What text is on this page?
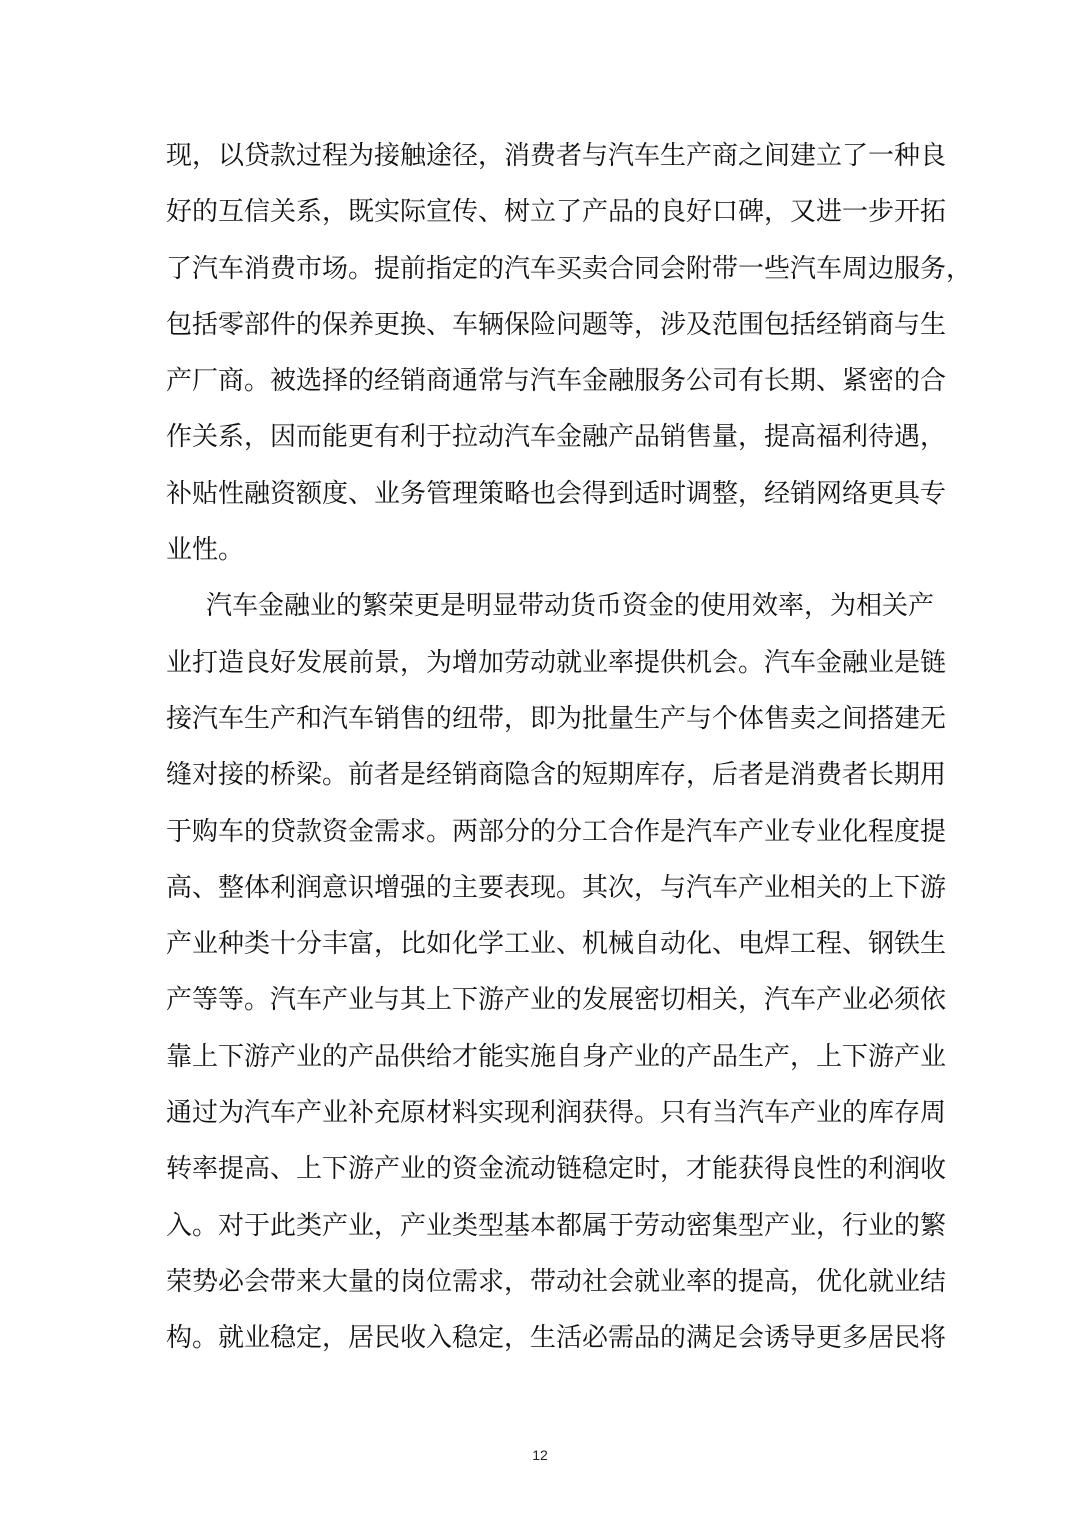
现，以贷款过程为接触途径，消费者与汽车生产商之间建立了一种良
好的互信关系，既实际宣传、树立了产品的良好口碑，又进一步开拓
了汽车消费市场。提前指定的汽车买卖合同会附带一些汽车周边服务，
包括零部件的保养更换、车辆保险问题等，涉及范围包括经销商与生
产厂商。被选择的经销商通常与汽车金融服务公司有长期、紧密的合
作关系，因而能更有利于拉动汽车金融产品销售量，提高福利待遇，
补贴性融资额度、业务管理策略也会得到适时调整，经销网络更具专
业性。
汽车金融业的繁荣更是明显带动货币资金的使用效率，为相关产
业打造良好发展前景，为增加劳动就业率提供机会。汽车金融业是链
接汽车生产和汽车销售的纽带，即为批量生产与个体售卖之间搭建无
缝对接的桥梁。前者是经销商隐含的短期库存，后者是消费者长期用
于购车的贷款资金需求。两部分的分工合作是汽车产业专业化程度提
高、整体利润意识增强的主要表现。其次，与汽车产业相关的上下游
产业种类十分丰富，比如化学工业、机械自动化、电焊工程、钢铁生
产等等。汽车产业与其上下游产业的发展密切相关，汽车产业必须依
靠上下游产业的产品供给才能实施自身产业的产品生产，上下游产业
通过为汽车产业补充原材料实现利润获得。只有当汽车产业的库存周
转率提高、上下游产业的资金流动链稳定时，才能获得良性的利润收
入。对于此类产业，产业类型基本都属于劳动密集型产业，行业的繁
荣势必会带来大量的岗位需求，带动社会就业率的提高，优化就业结
构。就业稳定，居民收入稳定，生活必需品的满足会诱导更多居民将
12
